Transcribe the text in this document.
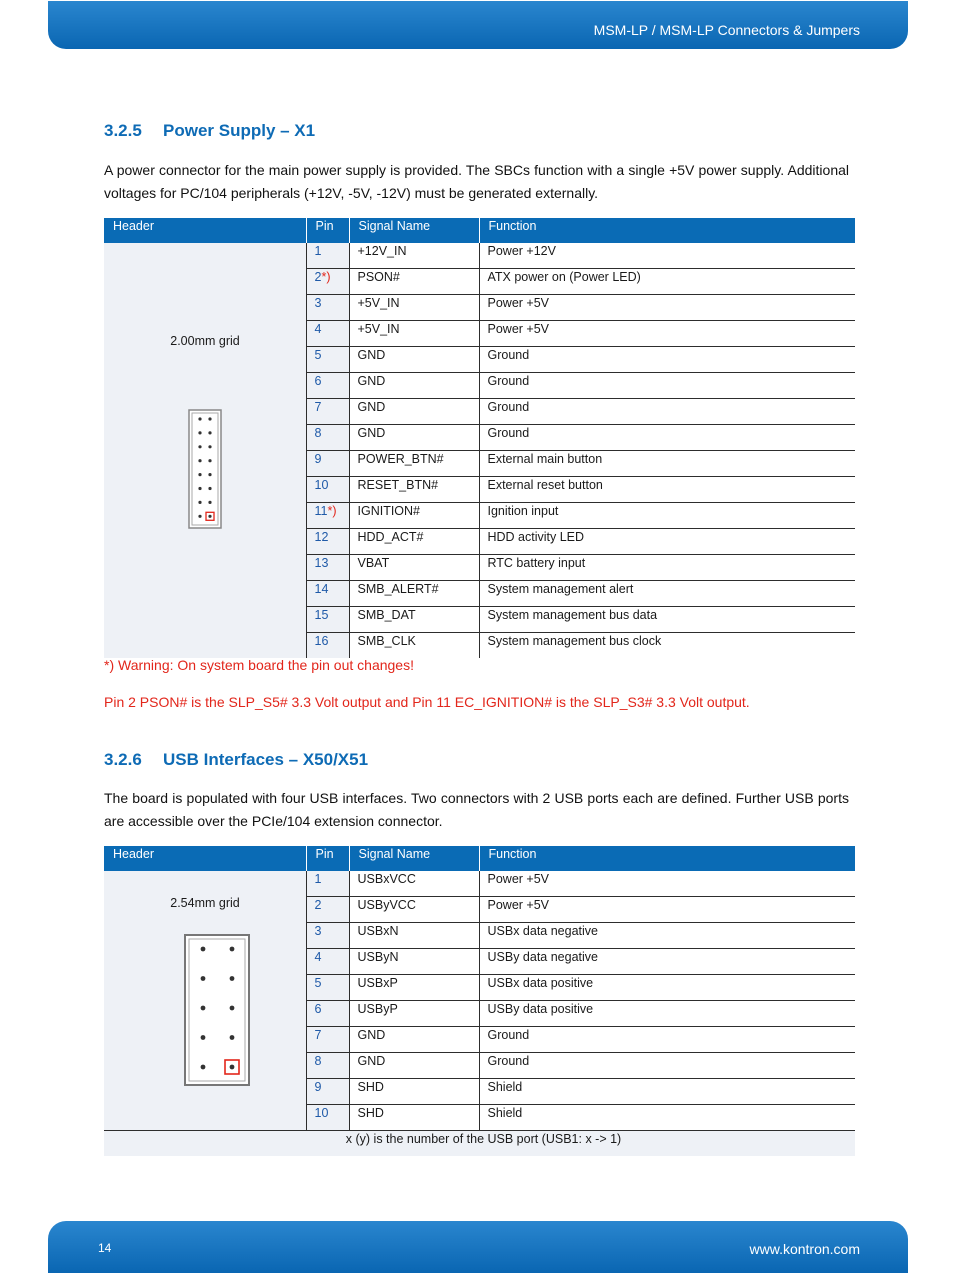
MSM-LP / MSM-LP Connectors & Jumpers
3.2.5 Power Supply – X1
A power connector for the main power supply is provided. The SBCs function with a single +5V power supply. Additional voltages for PC/104 peripherals (+12V, -5V, -12V) must be generated externally.
Header	Pin	Signal Name	Function

2.00mm grid	1	+12V_IN	Power +12V
	2*)	PSON#	ATX power on (Power LED)
	3	+5V_IN	Power +5V
	4	+5V_IN	Power +5V
	5	GND	Ground
	6	GND	Ground
	7	GND	Ground
	8	GND	Ground
	9	POWER_BTN#	External main button
	10	RESET_BTN#	External reset button
	11*)	IGNITION#	Ignition input
	12	HDD_ACT#	HDD activity LED
	13	VBAT	RTC battery input
	14	SMB_ALERT#	System management alert
	15	SMB_DAT	System management bus data
	16	SMB_CLK	System management bus clock
*) Warning: On system board the pin out changes!
Pin 2 PSON# is the SLP_S5# 3.3 Volt output and Pin 11 EC_IGNITION# is the SLP_S3# 3.3 Volt output.
3.2.6 USB Interfaces – X50/X51
The board is populated with four USB interfaces. Two connectors with 2 USB ports each are defined. Further USB ports are accessible over the PCIe/104 extension connector.
Header	Pin	Signal Name	Function

2.54mm grid	1	USBxVCC	Power +5V
	2	USByVCC	Power +5V
	3	USBxN	USBx data negative
	4	USByN	USBy data negative
	5	USBxP	USBx data positive
	6	USByP	USBy data positive
	7	GND	Ground
	8	GND	Ground
	9	SHD	Shield
	10	SHD	Shield
x (y) is the number of the USB port (USB1: x -> 1)			
14	www.kontron.com
